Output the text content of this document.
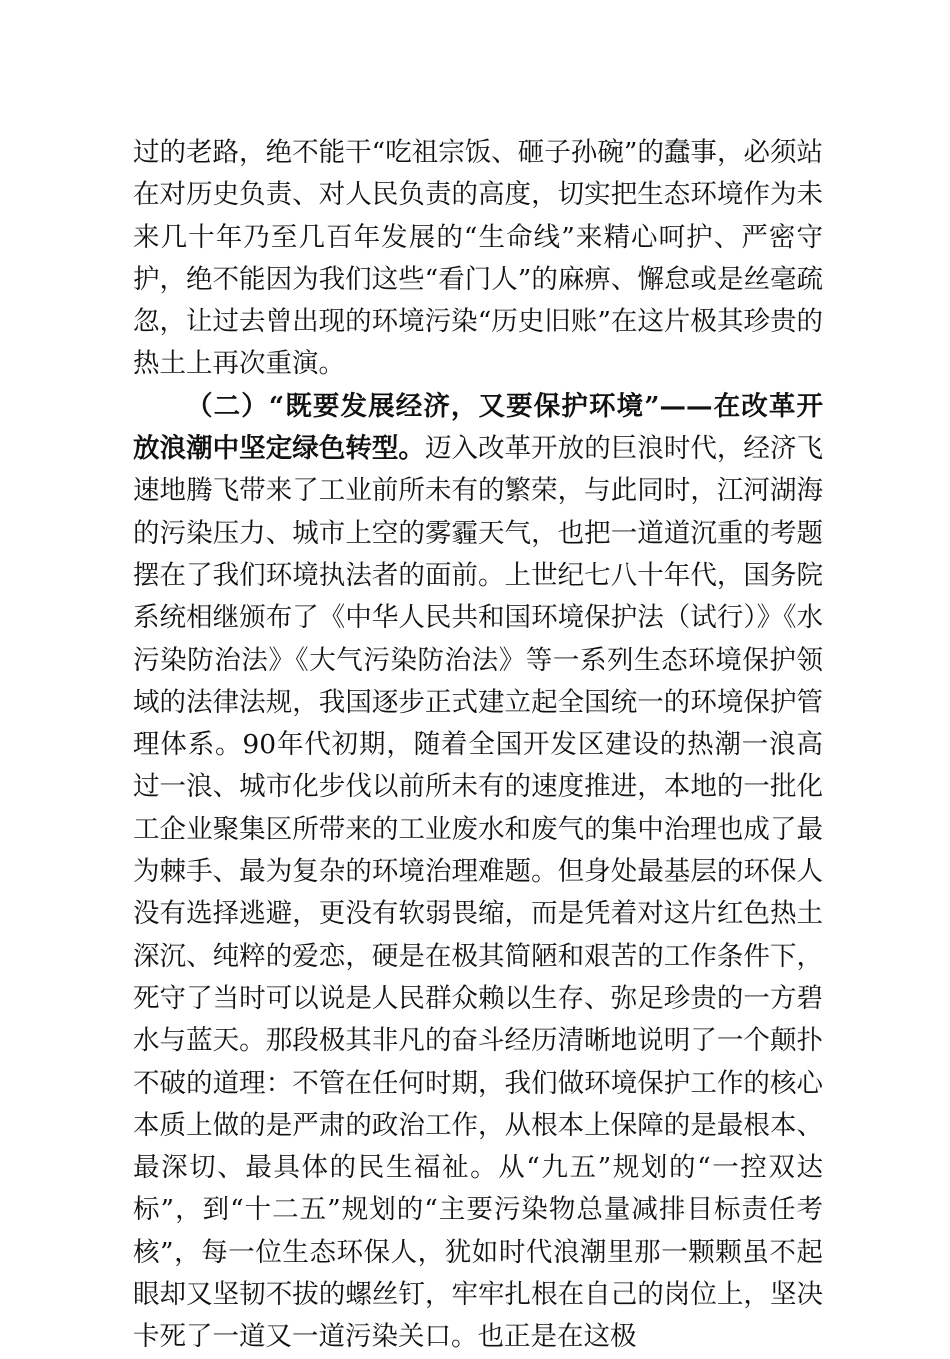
过的老路，绝不能干“吃祖宗饭、砸子孙碗”的蠢事，必须站在对历史负责、对人民负责的高度，切实把生态环境作为未来几十年乃至几百年发展的“生命线”来精心呵护、严密守护，绝不能因为我们这些“看门人”的麻痹、懈怠或是丝毫疏忽，让过去曾出现的环境污染“历史旧账”在这片极其珍贵的热土上再次重演。

（二）“既要发展经济，又要保护环境”——在改革开放浪潮中坚定绿色转型。迈入改革开放的巨浪时代，经济飞速地腾飞带来了工业前所未有的繁荣，与此同时，江河湖海的污染压力、城市上空的雾霾天气，也把一道道沉重的考题摆在了我们环境执法者的面前。上世纪七八十年代，国务院系统相继颁布了《中华人民共和国环境保护法（试行）》《水污染防治法》《大气污染防治法》等一系列生态环境保护领域的法律法规，我国逐步正式建立起全国统一的环境保护管理体系。90年代初期，随着全国开发区建设的热潮一浪高过一浪、城市化步伐以前所未有的速度推进，本地的一批化工企业聚集区所带来的工业废水和废气的集中治理也成了最为棘手、最为复杂的环境治理难题。但身处最基层的环保人没有选择逃避，更没有软弱畏缩，而是凭着对这片红色热土深沉、纯粹的爱恋，硬是在极其简陋和艰苦的工作条件下，死守了当时可以说是人民群众赖以生存、弥足珍贵的一方碧水与蓝天。那段极其非凡的奋斗经历清晰地说明了一个颠扑不破的道理：不管在任何时期，我们做环境保护工作的核心本质上做的是严肃的政治工作，从根本上保障的是最根本、最深切、最具体的民生福祉。从“九五”规划的“一控双达标”，到“十二五”规划的“主要污染物总量减排目标责任考核”，每一位生态环保人，犹如时代浪潮里那一颗颗虽不起眼却又坚韧不拔的螺丝钉，牢牢扎根在自己的岗位上，坚决卡死了一道又一道污染关口。也正是在这极
